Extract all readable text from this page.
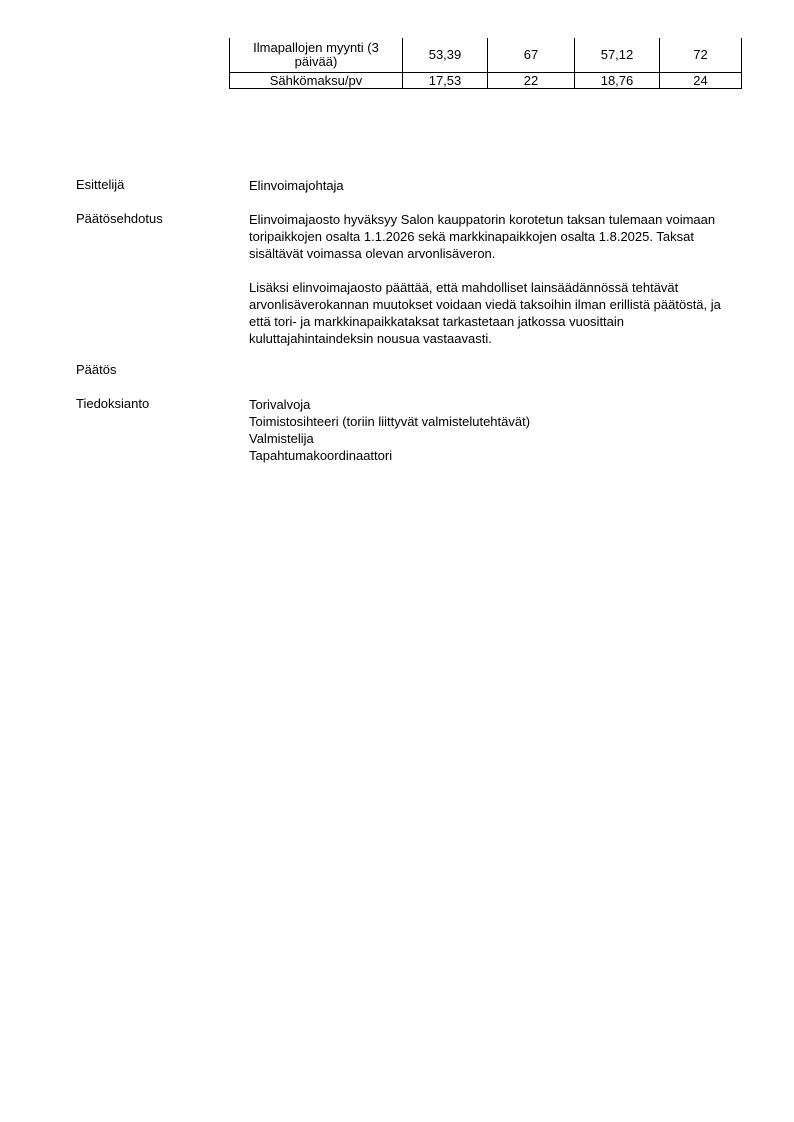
Ilmapallojen myynti (3 päivää)	53,39	67	57,12	72
Sähkömaksu/pv	17,53	22	18,76	24
Esittelijä	Elinvoimajohtaja
Päätösehdotus	Elinvoimajaosto hyväksyy Salon kauppatorin korotetun taksan tulemaan voimaan toripaikkojen osalta 1.1.2026 sekä markkinapaikkojen osalta 1.8.2025. Taksat sisältävät voimassa olevan arvonlisäveron.

Lisäksi elinvoimajaosto päättää, että mahdolliset lainsäädännössä tehtävät arvonlisäverokannan muutokset voidaan viedä taksoihin ilman erillistä päätöstä, ja että tori- ja markkinapaikkataksat tarkastetaan jatkossa vuosittain kuluttajahintaindeksin nousua vastaavasti.

Päätös
Tiedoksianto	Torivalvoja
Toimistosihteeri (toriin liittyvät valmistelutehtävät)
Valmistelija
Tapahtumakoordinaattori
